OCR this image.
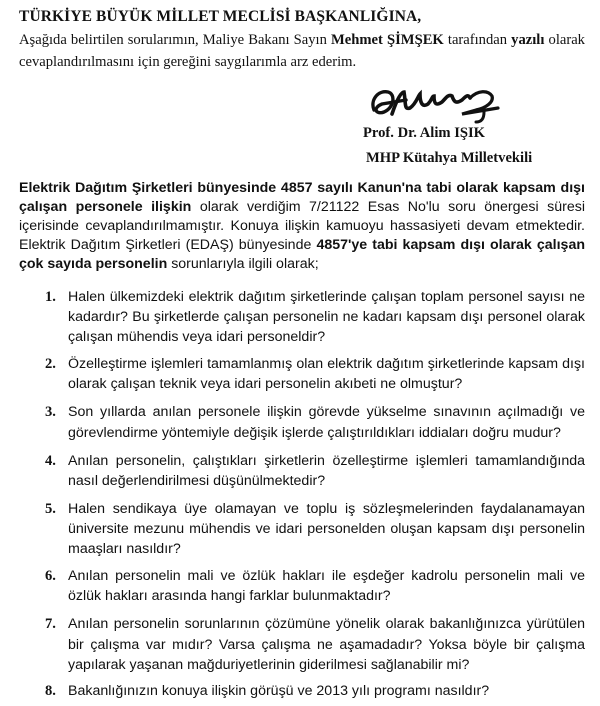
TÜRKİYE BÜYÜK MİLLET MECLİSİ BAŞKANLIĞINA,
Aşağıda belirtilen sorularımın, Maliye Bakanı Sayın Mehmet ŞİMŞEK tarafından yazılı olarak cevaplandırılmasını için gereğini saygılarımla arz ederim.
Prof. Dr. Alim IŞIK
MHP Kütahya Milletvekili
Elektrik Dağıtım Şirketleri bünyesinde 4857 sayılı Kanun'na tabi olarak kapsam dışı çalışan personele ilişkin olarak verdiğim 7/21122 Esas No'lu soru önergesi süresi içerisinde cevaplandırılmamıştır. Konuya ilişkin kamuoyu hassasiyeti devam etmektedir. Elektrik Dağıtım Şirketleri (EDAŞ) bünyesinde 4857'ye tabi kapsam dışı olarak çalışan çok sayıda personelin sorunlarıyla ilgili olarak;
1. Halen ülkemizdeki elektrik dağıtım şirketlerinde çalışan toplam personel sayısı ne kadardır? Bu şirketlerde çalışan personelin ne kadarı kapsam dışı personel olarak çalışan mühendis veya idari personeldir?
2. Özelleştirme işlemleri tamamlanmış olan elektrik dağıtım şirketlerinde kapsam dışı olarak çalışan teknik veya idari personelin akıbeti ne olmuştur?
3. Son yıllarda anılan personele ilişkin görevde yükselme sınavının açılmadığı ve görevlendirme yöntemiyle değişik işlerde çalıştırıldıkları iddiaları doğru mudur?
4. Anılan personelin, çalıştıkları şirketlerin özelleştirme işlemleri tamamlandığında nasıl değerlendirilmesi düşünülmektedir?
5. Halen sendikaya üye olamayan ve toplu iş sözleşmelerinden faydalanamayan üniversite mezunu mühendis ve idari personelden oluşan kapsam dışı personelin maaşları nasıldır?
6. Anılan personelin mali ve özlük hakları ile eşdeğer kadrolu personelin mali ve özlük hakları arasında hangi farklar bulunmaktadır?
7. Anılan personelin sorunlarının çözümüne yönelik olarak bakanlığınızca yürütülen bir çalışma var mıdır? Varsa çalışma ne aşamadadır? Yoksa böyle bir çalışma yapılarak yaşanan mağduriyetlerinin giderilmesi sağlanabilir mi?
8. Bakanlığınızın konuya ilişkin görüşü ve 2013 yılı programı nasıldır?
